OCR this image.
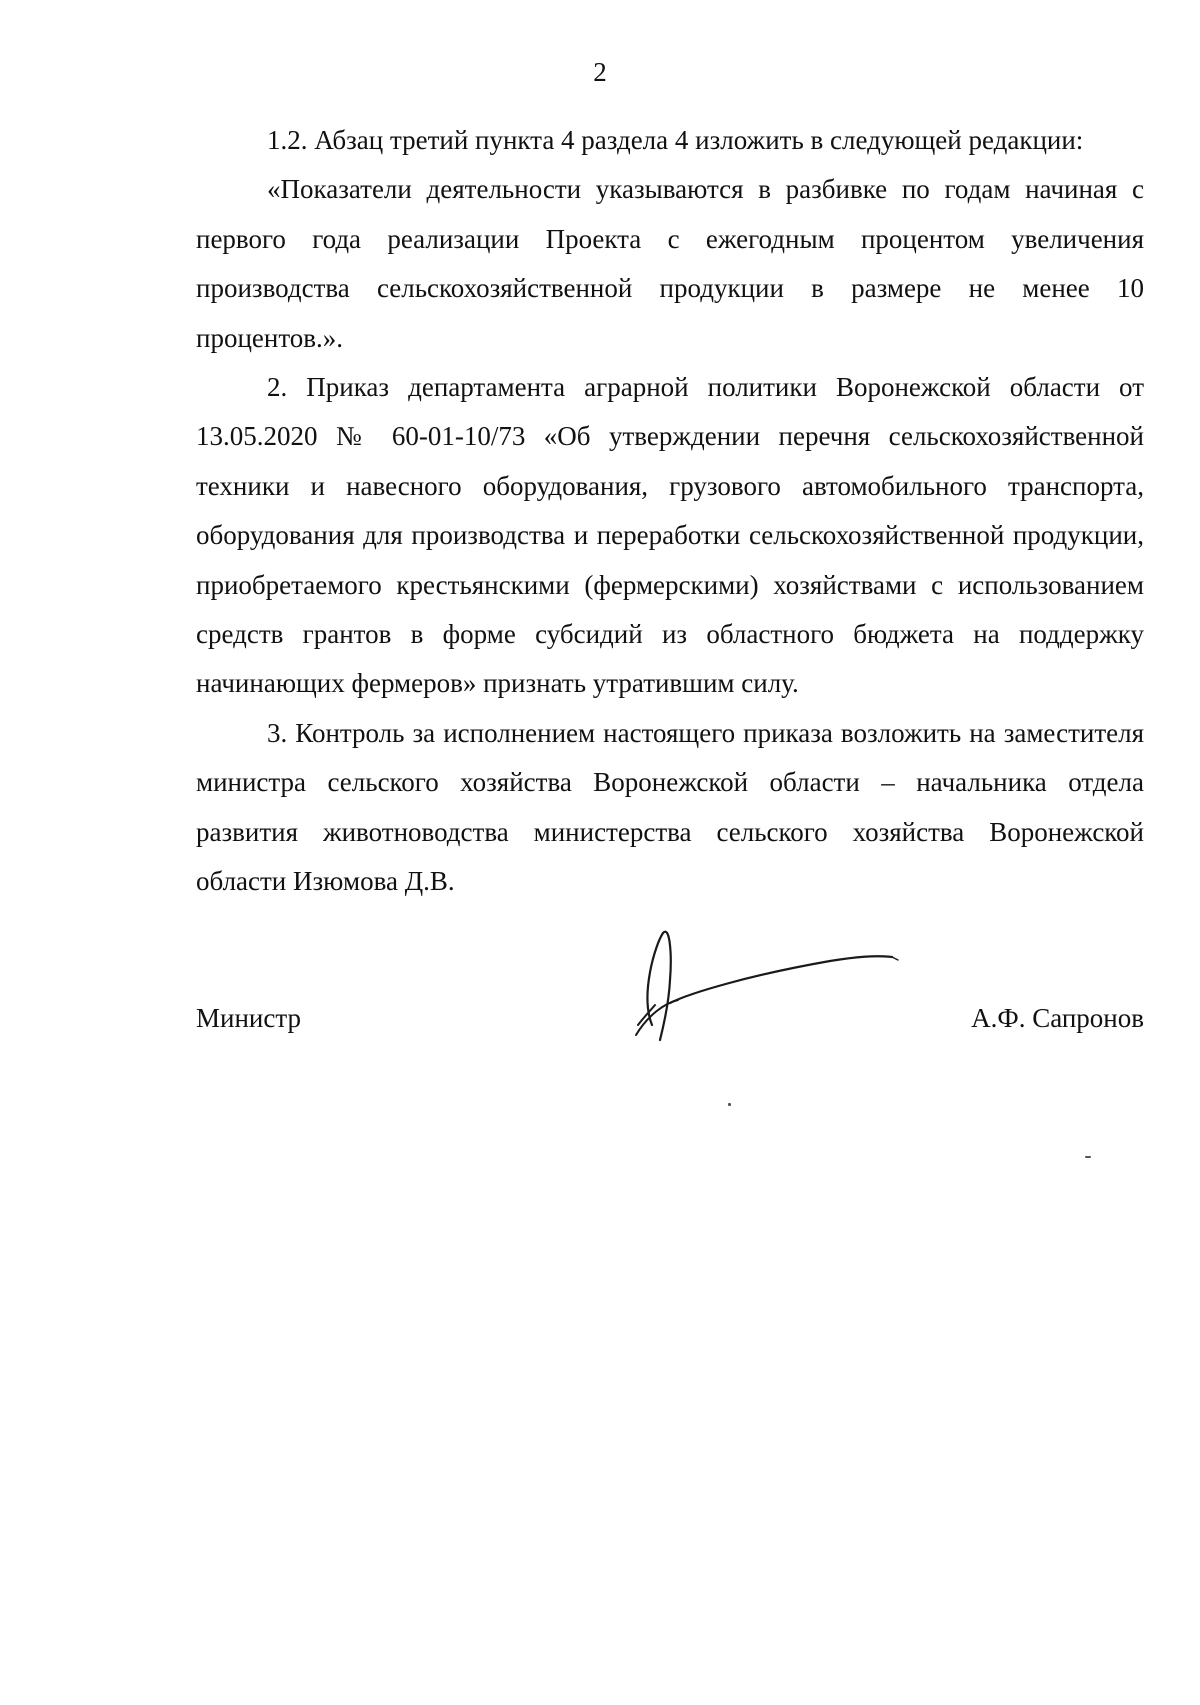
2

1.2. Абзац третий пункта 4 раздела 4 изложить в следующей редакции:

«Показатели деятельности указываются в разбивке по годам начиная с первого года реализации Проекта с ежегодным процентом увеличения производства сельскохозяйственной продукции в размере не менее 10 процентов.».

2. Приказ департамента аграрной политики Воронежской области от 13.05.2020 № 60-01-10/73 «Об утверждении перечня сельскохозяйственной техники и навесного оборудования, грузового автомобильного транспорта, оборудования для производства и переработки сельскохозяйственной продукции, приобретаемого крестьянскими (фермерскими) хозяйствами с использованием средств грантов в форме субсидий из областного бюджета на поддержку начинающих фермеров» признать утратившим силу.

3. Контроль за исполнением настоящего приказа возложить на заместителя министра сельского хозяйства Воронежской области – начальника отдела развития животноводства министерства сельского хозяйства Воронежской области Изюмова Д.В.

Министр	А.Ф. Сапронов
